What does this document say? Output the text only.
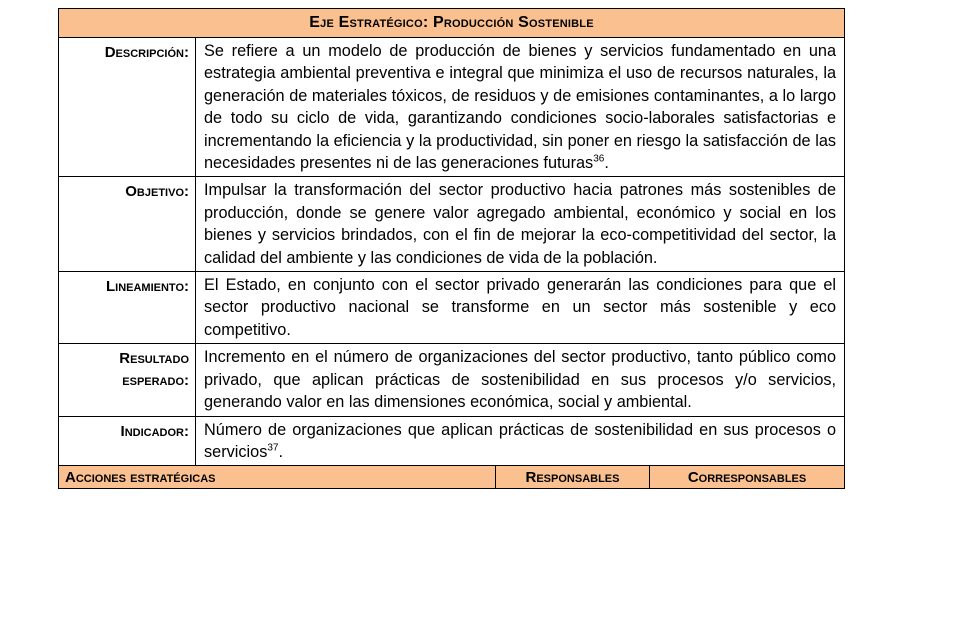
Eje Estratégico: Producción Sostenible			
Descripción:	Se refiere a un modelo de producción de bienes y servicios fundamentado en una estrategia ambiental preventiva e integral que minimiza el uso de recursos naturales, la generación de materiales tóxicos, de residuos y de emisiones contaminantes, a lo largo de todo su ciclo de vida, garantizando condiciones socio-laborales satisfactorias e incrementando la eficiencia y la productividad, sin poner en riesgo la satisfacción de las necesidades presentes ni de las generaciones futuras$^{36}$.		
Objetivo:	Impulsar la transformación del sector productivo hacia patrones más sostenibles de producción, donde se genere valor agregado ambiental, económico y social en los bienes y servicios brindados, con el fin de mejorar la eco-competitividad del sector, la calidad del ambiente y las condiciones de vida de la población.		
Lineamiento:	El Estado, en conjunto con el sector privado generarán las condiciones para que el sector productivo nacional se transforme en un sector más sostenible y eco competitivo.		
Resultado esperado:	Incremento en el número de organizaciones del sector productivo, tanto público como privado, que aplican prácticas de sostenibilidad en sus procesos y/o servicios, generando valor en las dimensiones económica, social y ambiental.		
Indicador:	Número de organizaciones que aplican prácticas de sostenibilidad en sus procesos o servicios$^{37}$.		
Acciones estratégicas		Responsables	Corresponsables
